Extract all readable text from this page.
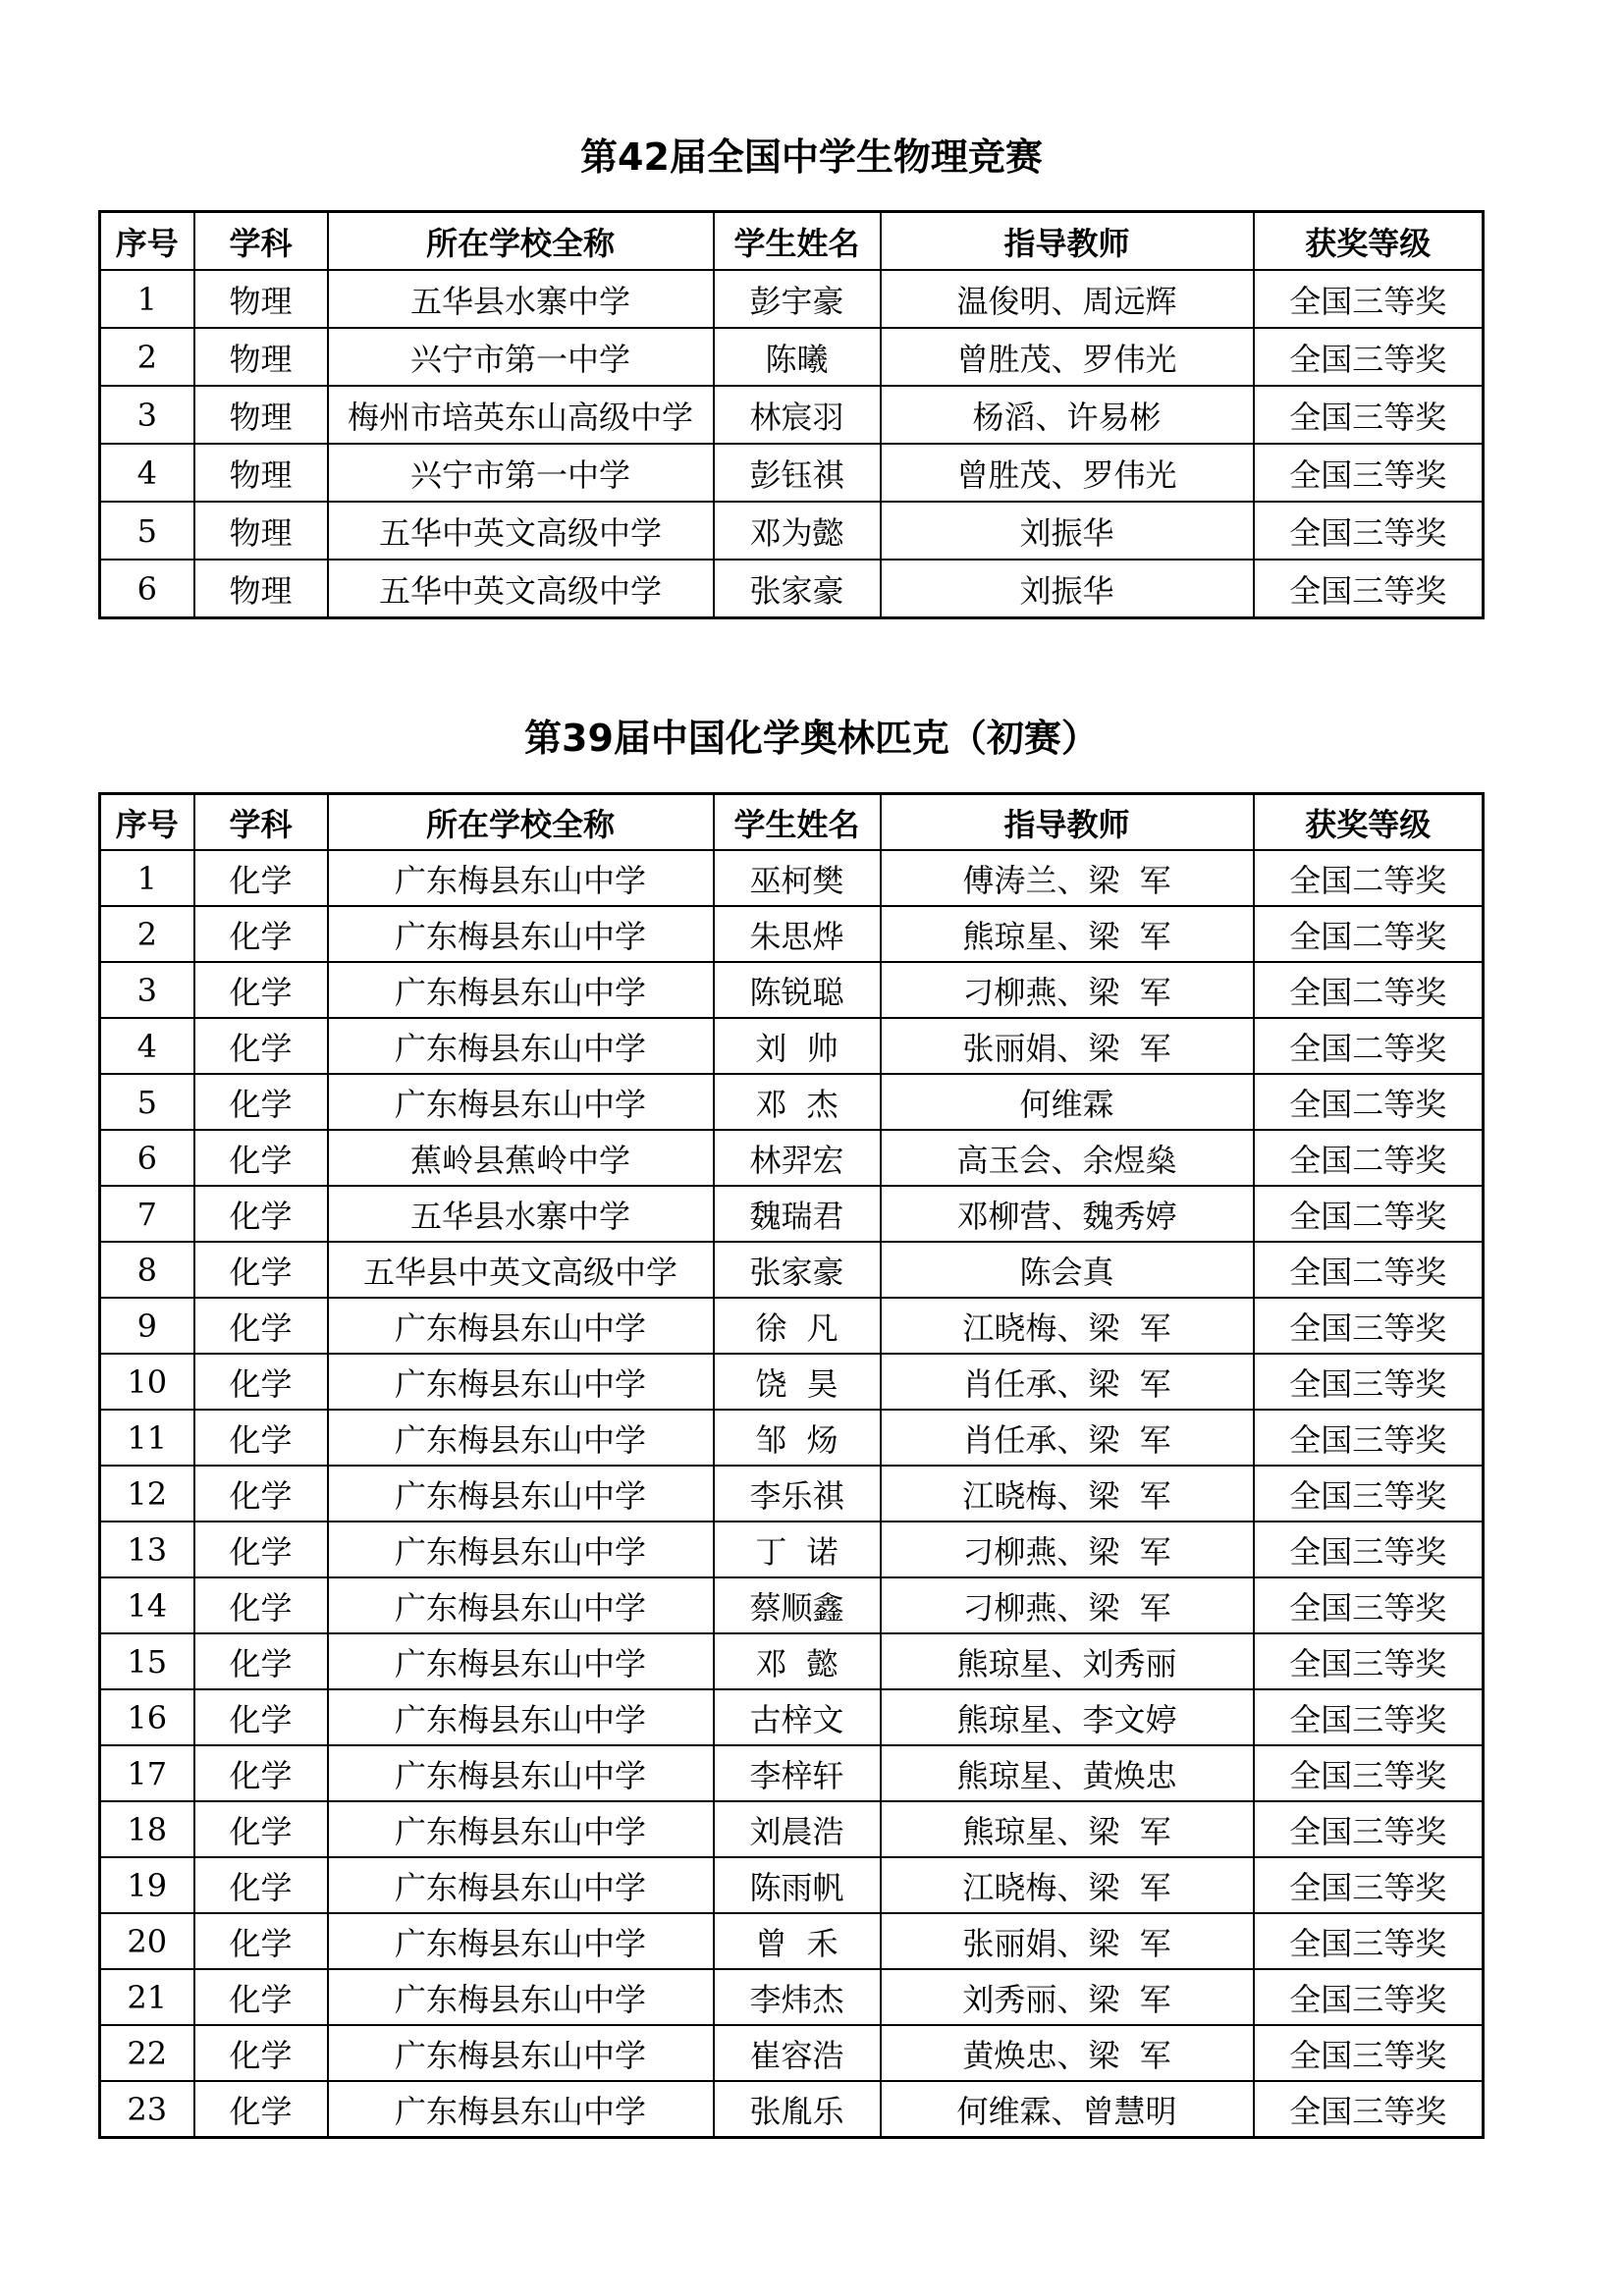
第42届全国中学生物理竞赛
序号	学科	所在学校全称	学生姓名	指导教师	获奖等级
1	物理	五华县水寨中学	彭宇豪	温俊明、周远辉	全国三等奖
2	物理	兴宁市第一中学	陈曦	曾胜茂、罗伟光	全国三等奖
3	物理	梅州市培英东山高级中学	林宸羽	杨滔、许易彬	全国三等奖
4	物理	兴宁市第一中学	彭钰祺	曾胜茂、罗伟光	全国三等奖
5	物理	五华中英文高级中学	邓为懿	刘振华	全国三等奖
6	物理	五华中英文高级中学	张家豪	刘振华	全国三等奖
第39届中国化学奥林匹克（初赛）
序号	学科	所在学校全称	学生姓名	指导教师	获奖等级
1	化学	广东梅县东山中学	巫柯樊	傅涛兰、梁  军	全国二等奖
2	化学	广东梅县东山中学	朱思烨	熊琼星、梁  军	全国二等奖
3	化学	广东梅县东山中学	陈锐聪	刁柳燕、梁  军	全国二等奖
4	化学	广东梅县东山中学	刘  帅	张丽娟、梁  军	全国二等奖
5	化学	广东梅县东山中学	邓  杰	何维霖	全国二等奖
6	化学	蕉岭县蕉岭中学	林羿宏	高玉会、余煜燊	全国二等奖
7	化学	五华县水寨中学	魏瑞君	邓柳营、魏秀婷	全国二等奖
8	化学	五华县中英文高级中学	张家豪	陈会真	全国二等奖
9	化学	广东梅县东山中学	徐  凡	江晓梅、梁  军	全国三等奖
10	化学	广东梅县东山中学	饶  昊	肖任承、梁  军	全国三等奖
11	化学	广东梅县东山中学	邹  炀	肖任承、梁  军	全国三等奖
12	化学	广东梅县东山中学	李乐祺	江晓梅、梁  军	全国三等奖
13	化学	广东梅县东山中学	丁  诺	刁柳燕、梁  军	全国三等奖
14	化学	广东梅县东山中学	蔡顺鑫	刁柳燕、梁  军	全国三等奖
15	化学	广东梅县东山中学	邓  懿	熊琼星、刘秀丽	全国三等奖
16	化学	广东梅县东山中学	古梓文	熊琼星、李文婷	全国三等奖
17	化学	广东梅县东山中学	李梓轩	熊琼星、黄焕忠	全国三等奖
18	化学	广东梅县东山中学	刘晨浩	熊琼星、梁  军	全国三等奖
19	化学	广东梅县东山中学	陈雨帆	江晓梅、梁  军	全国三等奖
20	化学	广东梅县东山中学	曾  禾	张丽娟、梁  军	全国三等奖
21	化学	广东梅县东山中学	李炜杰	刘秀丽、梁  军	全国三等奖
22	化学	广东梅县东山中学	崔容浩	黄焕忠、梁  军	全国三等奖
23	化学	广东梅县东山中学	张胤乐	何维霖、曾慧明	全国三等奖
